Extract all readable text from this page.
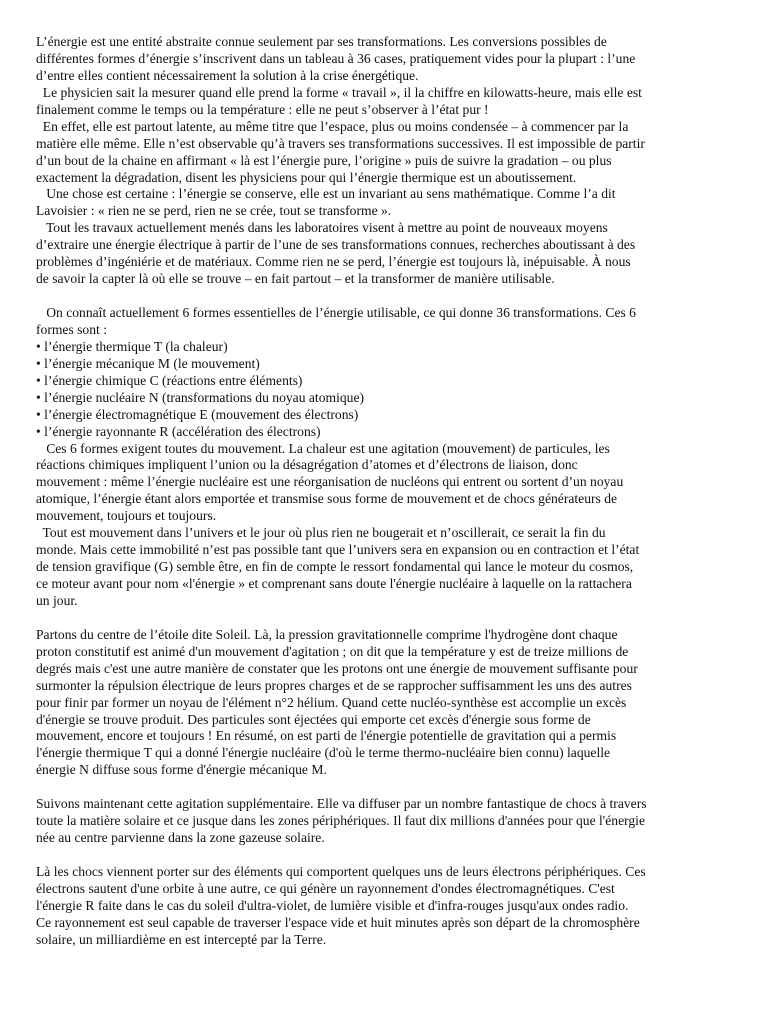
L’énergie est une entité abstraite connue seulement par ses transformations. Les conversions possibles de
différentes formes d’énergie s’inscrivent dans un tableau à 36 cases, pratiquement vides pour la plupart : l’une
d’entre elles contient nécessairement la solution à la crise énergétique.
Le physicien sait la mesurer quand elle prend la forme « travail », il la chiffre en kilowatts-heure, mais elle est
finalement comme le temps ou la température : elle ne peut s’observer à l’état pur !
En effet, elle est partout latente, au même titre que l’espace, plus ou moins condensée – à commencer par la
matière elle même. Elle n’est observable qu’à travers ses transformations successives. Il est impossible de partir
d’un bout de la chaine en affirmant « là est l’énergie pure, l’origine » puis de suivre la gradation – ou plus
exactement la dégradation, disent les physiciens pour qui l’énergie thermique est un aboutissement.
Une chose est certaine : l’énergie se conserve, elle est un invariant au sens mathématique. Comme l’a dit
Lavoisier : « rien ne se perd, rien ne se crée, tout se transforme ».
Tout les travaux actuellement menés dans les laboratoires visent à mettre au point de nouveaux moyens
d’extraire une énergie électrique à partir de l’une de ses transformations connues, recherches aboutissant à des
problèmes d’ingéniérie et de matériaux. Comme rien ne se perd, l’énergie est toujours là, inépuisable. À nous
de savoir la capter là où elle se trouve – en fait partout – et la transformer de manière utilisable.
On connaît actuellement 6 formes essentielles de l’énergie utilisable, ce qui donne 36 transformations. Ces 6
formes sont :
• l’énergie thermique T (la chaleur)
• l’énergie mécanique M (le mouvement)
• l’énergie chimique C (réactions entre éléments)
• l’énergie nucléaire N (transformations du noyau atomique)
• l’énergie électromagnétique E (mouvement des électrons)
• l’énergie rayonnante R (accélération des électrons)
Ces 6 formes exigent toutes du mouvement. La chaleur est une agitation (mouvement) de particules, les
réactions chimiques impliquent l’union ou la désagrégation d’atomes et d’électrons de liaison, donc
mouvement : même l’énergie nucléaire est une réorganisation de nucléons qui entrent ou sortent d’un noyau
atomique, l’énergie étant alors emportée et transmise sous forme de mouvement et de chocs générateurs de
mouvement, toujours et toujours.
Tout est mouvement dans l’univers et le jour où plus rien ne bougerait et n’oscillerait, ce serait la fin du
monde. Mais cette immobilité n’est pas possible tant que l’univers sera en expansion ou en contraction et l’état
de tension gravifique (G) semble être, en fin de compte le ressort fondamental qui lance le moteur du cosmos,
ce moteur avant pour nom «l'énergie » et comprenant sans doute l'énergie nucléaire à laquelle on la rattachera
un jour.
Partons du centre de l’étoile dite Soleil. Là, la pression gravitationnelle comprime l'hydrogène dont chaque
proton constitutif est animé d'un mouvement d'agitation ; on dit que la température y est de treize millions de
degrés mais c'est une autre manière de constater que les protons ont une énergie de mouvement suffisante pour
surmonter la répulsion électrique de leurs propres charges et de se rapprocher suffisamment les uns des autres
pour finir par former un noyau de l'élément n°2 hélium. Quand cette nucléo-synthèse est accomplie un excès
d'énergie se trouve produit. Des particules sont éjectées qui emporte cet excès d'énergie sous forme de
mouvement, encore et toujours ! En résumé, on est parti de l'énergie potentielle de gravitation qui a permis
l'énergie thermique T qui a donné l'énergie nucléaire (d'où le terme thermo-nucléaire bien connu) laquelle
énergie N diffuse sous forme d'énergie mécanique M.
Suivons maintenant cette agitation supplémentaire. Elle va diffuser par un nombre fantastique de chocs à travers
toute la matière solaire et ce jusque dans les zones périphériques. Il faut dix millions d'années pour que l'énergie
née au centre parvienne dans la zone gazeuse solaire.
Là les chocs viennent porter sur des éléments qui comportent quelques uns de leurs électrons périphériques. Ces
électrons sautent d'une orbite à une autre, ce qui génère un rayonnement d'ondes électromagnétiques. C'est
l'énergie R faite dans le cas du soleil d'ultra-violet, de lumière visible et d'infra-rouges jusqu'aux ondes radio.
Ce rayonnement est seul capable de traverser l'espace vide et huit minutes après son départ de la chromosphère
solaire, un milliardième en est intercepté par la Terre.
